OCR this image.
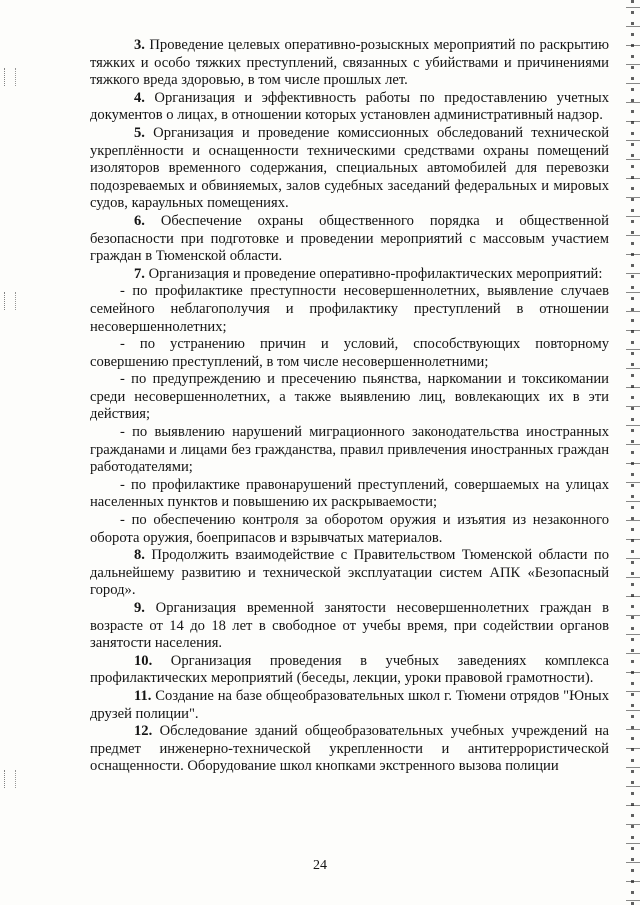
3. Проведение целевых оперативно-розыскных мероприятий по раскрытию тяжких и особо тяжких преступлений, связанных с убийствами и причинениями тяжкого вреда здоровью, в том числе прошлых лет.

4. Организация и эффективность работы по предоставлению учетных документов о лицах, в отношении которых установлен административный надзор.

5. Организация и проведение комиссионных обследований технической укреплённости и оснащенности техническими средствами охраны помещений изоляторов временного содержания, специальных автомобилей для перевозки подозреваемых и обвиняемых, залов судебных заседаний федеральных и мировых судов, караульных помещениях.

6. Обеспечение охраны общественного порядка и общественной безопасности при подготовке и проведении мероприятий с массовым участием граждан в Тюменской области.

7. Организация и проведение оперативно-профилактических мероприятий:

- по профилактике преступности несовершеннолетних, выявление случаев семейного неблагополучия и профилактику преступлений в отношении несовершеннолетних;

- по устранению причин и условий, способствующих повторному совершению преступлений, в том числе несовершеннолетними;

- по предупреждению и пресечению пьянства, наркомании и токсикомании среди несовершеннолетних, а также выявлению лиц, вовлекающих их в эти действия;

- по выявлению нарушений миграционного законодательства иностранных гражданами и лицами без гражданства, правил привлечения иностранных граждан работодателями;

- по профилактике правонарушений преступлений, совершаемых на улицах населенных пунктов и повышению их раскрываемости;

- по обеспечению контроля за оборотом оружия и изъятия из незаконного оборота оружия, боеприпасов и взрывчатых материалов.

8. Продолжить взаимодействие с Правительством Тюменской области по дальнейшему развитию и технической эксплуатации систем АПК «Безопасный город».

9. Организация временной занятости несовершеннолетних граждан в возрасте от 14 до 18 лет в свободное от учебы время, при содействии органов занятости населения.

10. Организация проведения в учебных заведениях комплекса профилактических мероприятий (беседы, лекции, уроки правовой грамотности).

11. Создание на базе общеобразовательных школ г. Тюмени отрядов "Юных друзей полиции".

12. Обследование зданий общеобразовательных учебных учреждений на предмет инженерно-технической укрепленности и антитеррористической оснащенности. Оборудование школ кнопками экстренного вызова полиции

24
